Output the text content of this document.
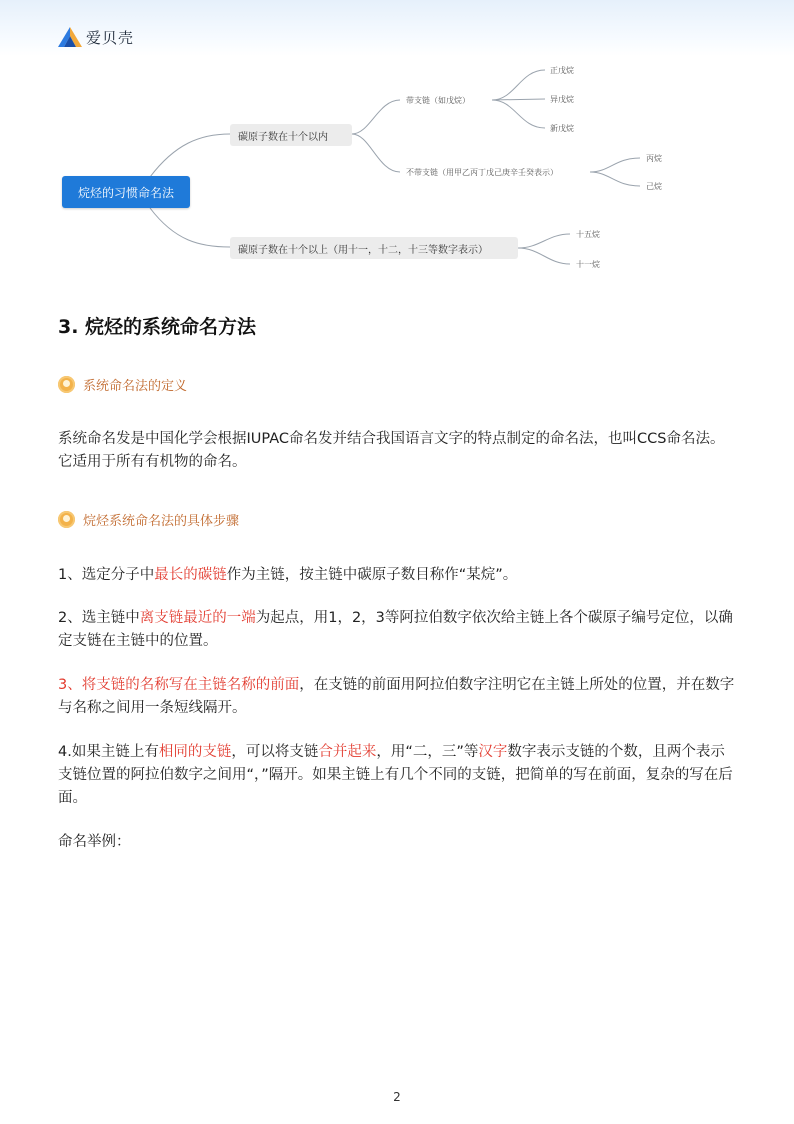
爱贝壳
带支链（如戊烷）
不带支链（用甲乙丙丁戊己庚辛壬癸表示）
正戊烷
异戊烷
新戊烷
丙烷
己烷
十五烷
十一烷
烷烃的习惯命名法
碳原子数在十个以内
碳原子数在十个以上（用十一，十二，十三等数字表示）
3. 烷烃的系统命名方法
系统命名法的定义
系统命名发是中国化学会根据IUPAC命名发并结合我国语言文字的特点制定的命名法，也叫CCS命名法。它适用于所有有机物的命名。
烷烃系统命名法的具体步骤
1、选定分子中最长的碳链作为主链，按主链中碳原子数目称作“某烷”。
2、选主链中离支链最近的一端为起点，用1，2，3等阿拉伯数字依次给主链上各个碳原子编号定位，以确定支链在主链中的位置。
3、将支链的名称写在主链名称的前面，在支链的前面用阿拉伯数字注明它在主链上所处的位置，并在数字与名称之间用一条短线隔开。
4.如果主链上有相同的支链，可以将支链合并起来，用“二，三”等汉字数字表示支链的个数，且两个表示支链位置的阿拉伯数字之间用“，”隔开。如果主链上有几个不同的支链，把简单的写在前面，复杂的写在后面。
命名举例：
2
